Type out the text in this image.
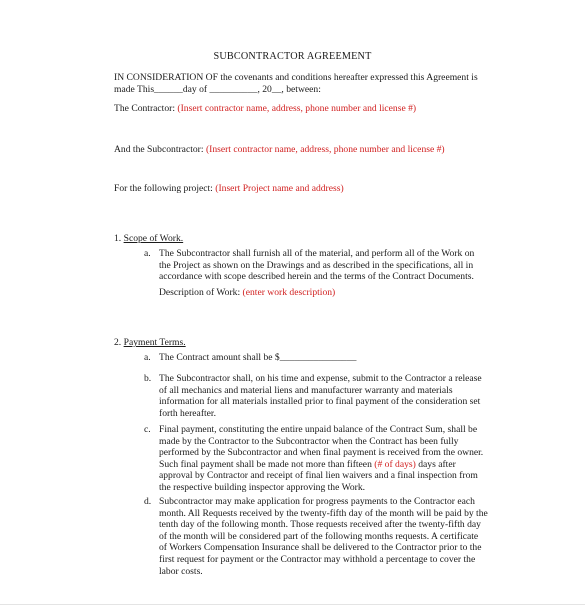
SUBCONTRACTOR AGREEMENT
IN CONSIDERATION OF the covenants and conditions hereafter expressed this Agreement is
made This______day of __________, 20__, between:
The Contractor: (Insert contractor name, address, phone number and license #)
And the Subcontractor: (Insert contractor name, address, phone number and license #)
For the following project: (Insert Project name and address)
1. Scope of Work.
a. The Subcontractor shall furnish all of the material, and perform all of the Work on
the Project as shown on the Drawings and as described in the specifications, all in
accordance with scope described herein and the terms of the Contract Documents.
Description of Work: (enter work description)
2. Payment Terms.
a. The Contract amount shall be $________________
b. The Subcontractor shall, on his time and expense, submit to the Contractor a release
of all mechanics and material liens and manufacturer warranty and materials
information for all materials installed prior to final payment of the consideration set
forth hereafter.
c. Final payment, constituting the entire unpaid balance of the Contract Sum, shall be
made by the Contractor to the Subcontractor when the Contract has been fully
performed by the Subcontractor and when final payment is received from the owner.
Such final payment shall be made not more than fifteen (# of days) days after
approval by Contractor and receipt of final lien waivers and a final inspection from
the respective building inspector approving the Work.
d. Subcontractor may make application for progress payments to the Contractor each
month. All Requests received by the twenty-fifth day of the month will be paid by the
tenth day of the following month. Those requests received after the twenty-fifth day
of the month will be considered part of the following months requests. A certificate
of Workers Compensation Insurance shall be delivered to the Contractor prior to the
first request for payment or the Contractor may withhold a percentage to cover the
labor costs.
